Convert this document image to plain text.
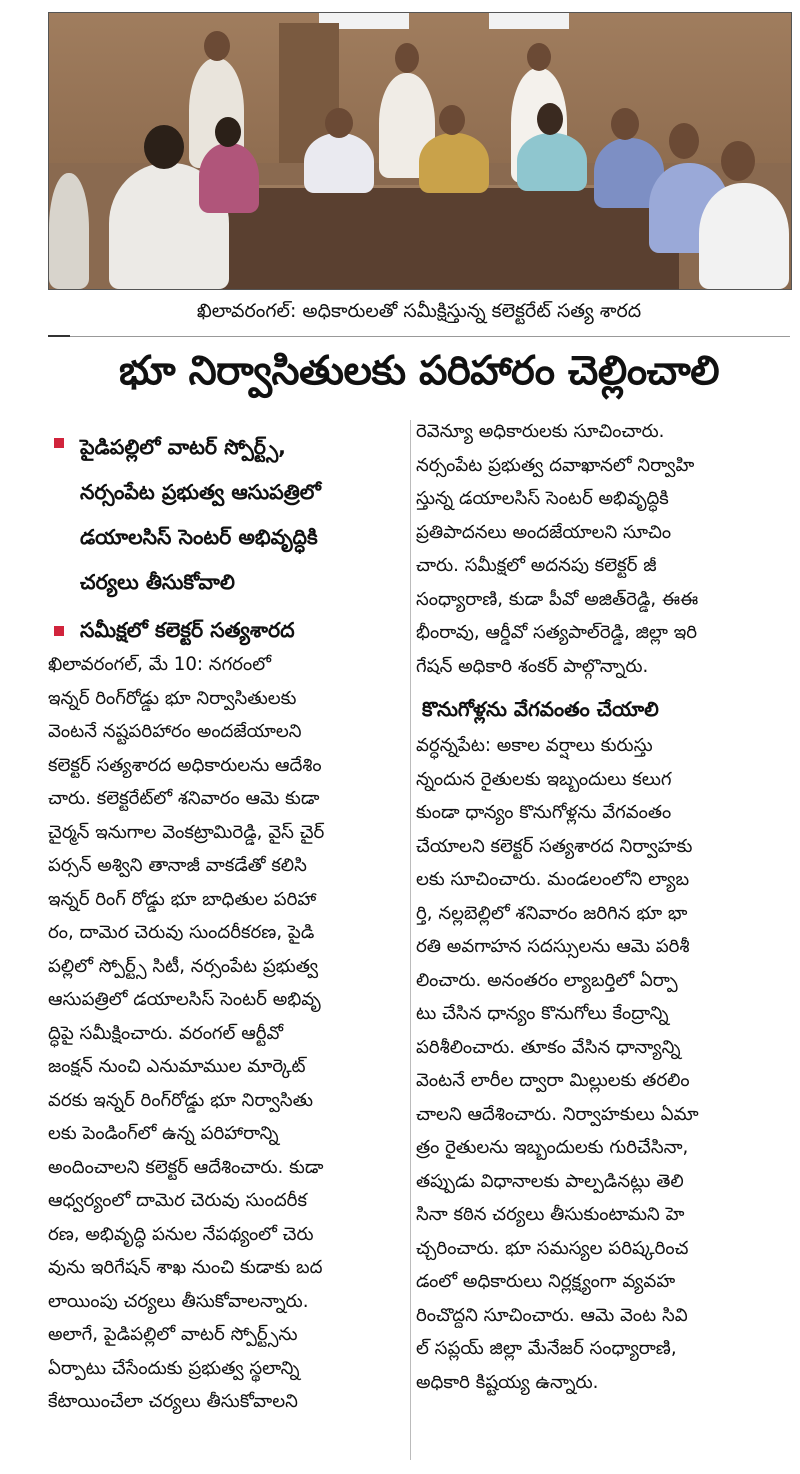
ఖిలావరంగల్: అధికారులతో సమీక్షిస్తున్న కలెక్టరేట్ సత్య శారద
భూ నిర్వాసితులకు పరిహారం చెల్లించాలి

పైడిపల్లిలో వాటర్ స్పోర్ట్స్,

నర్సంపేట ప్రభుత్వ ఆసుపత్రిలో

డయాలసిస్ సెంటర్ అభివృద్ధికి

చర్యలు తీసుకోవాలి

సమీక్షలో కలెక్టర్ సత్యశారద

ఖిలావరంగల్, మే 10: నగరంలో

ఇన్నర్ రింగ్‌రోడ్డు భూ నిర్వాసితులకు

వెంటనే నష్టపరిహారం అందజేయాలని

కలెక్టర్ సత్యశారద అధికారులను ఆదేశిం

చారు. కలెక్టరేట్‌లో శనివారం ఆమె కుడా

చైర్మన్ ఇనుగాల వెంకట్రామిరెడ్డి, వైస్ చైర్

పర్సన్ అశ్విని తానాజీ వాకడేతో కలిసి

ఇన్నర్ రింగ్ రోడ్డు భూ బాధితుల పరిహా

రం, దామెర చెరువు సుందరీకరణ, పైడి

పల్లిలో స్పోర్ట్స్ సిటీ, నర్సంపేట ప్రభుత్వ

ఆసుపత్రిలో డయాలసిస్ సెంటర్ అభివృ

ద్ధిపై సమీక్షించారు. వరంగల్ ఆర్టీవో

జంక్షన్ నుంచి ఎనుమాముల మార్కెట్

వరకు ఇన్నర్ రింగ్‌రోడ్డు భూ నిర్వాసితు

లకు పెండింగ్‌లో ఉన్న పరిహారాన్ని

అందించాలని కలెక్టర్ ఆదేశించారు. కుడా

ఆధ్వర్యంలో దామెర చెరువు సుందరీక

రణ, అభివృద్ధి పనుల నేపథ్యంలో చెరు

వును ఇరిగేషన్ శాఖ నుంచి కుడాకు బద

లాయింపు చర్యలు తీసుకోవాలన్నారు.

అలాగే, పైడిపల్లిలో వాటర్ స్పోర్ట్స్‌ను

ఏర్పాటు చేసేందుకు ప్రభుత్వ స్థలాన్ని

కేటాయించేలా చర్యలు తీసుకోవాలని

రెవెన్యూ అధికారులకు సూచించారు.

నర్సంపేట ప్రభుత్వ దవాఖానలో నిర్వాహి

స్తున్న డయాలసిస్ సెంటర్ అభివృద్ధికి

ప్రతిపాదనలు అందజేయాలని సూచిం

చారు. సమీక్షలో అదనపు కలెక్టర్ జీ

సంధ్యారాణి, కుడా పీవో అజిత్‌రెడ్డి, ఈఈ

భీంరావు, ఆర్డీవో సత్యపాల్‌రెడ్డి, జిల్లా ఇరి

గేషన్ అధికారి శంకర్ పాల్గొన్నారు.

కొనుగోళ్లను వేగవంతం చేయాలి

వర్ధన్నపేట: అకాల వర్షాలు కురుస్తు

న్నందున రైతులకు ఇబ్బందులు కలుగ

కుండా ధాన్యం కొనుగోళ్లను వేగవంతం

చేయాలని కలెక్టర్ సత్యశారద నిర్వాహకు

లకు సూచించారు. మండలంలోని ల్యాబ

ర్తి, నల్లబెల్లిలో శనివారం జరిగిన భూ భా

రతి అవగాహన సదస్సులను ఆమె పరిశీ

లించారు. అనంతరం ల్యాబర్తిలో ఏర్పా

టు చేసిన ధాన్యం కొనుగోలు కేంద్రాన్ని

పరిశీలించారు. తూకం వేసిన ధాన్యాన్ని

వెంటనే లారీల ద్వారా మిల్లులకు తరలిం

చాలని ఆదేశించారు. నిర్వాహకులు ఏమా

త్రం రైతులను ఇబ్బందులకు గురిచేసినా,

తప్పుడు విధానాలకు పాల్పడినట్లు తెలి

సినా కఠిన చర్యలు తీసుకుంటామని హె

చ్చరించారు. భూ సమస్యల పరిష్కరించ

డంలో అధికారులు నిర్లక్ష్యంగా వ్యవహ

రించొద్దని సూచించారు. ఆమె వెంట సివి

ల్ సప్లయ్ జిల్లా మేనేజర్ సంధ్యారాణి,

అధికారి కిష్టయ్య ఉన్నారు.
